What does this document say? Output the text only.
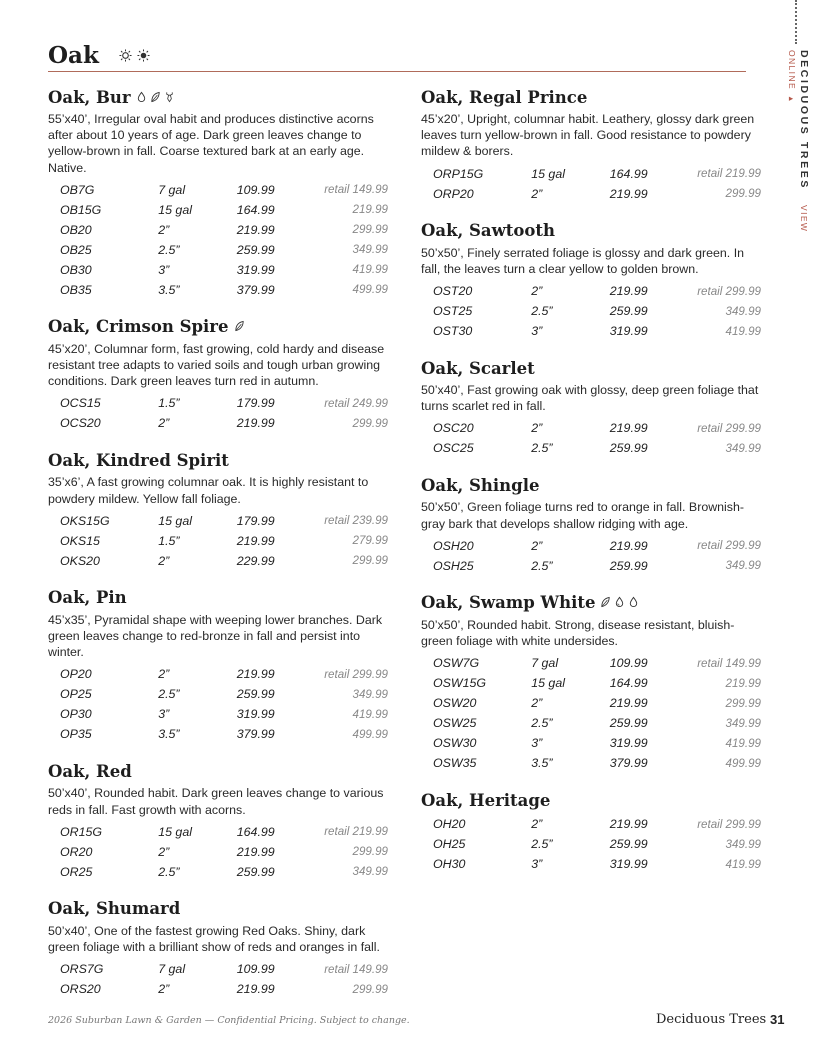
Oak
Oak, Bur
55’x40’, Irregular oval habit and produces distinctive acorns after about 10 years of age. Dark green leaves change to yellow-brown in fall. Coarse textured bark at an early age. Native.
OB7G	7 gal	109.99	retail 149.99
OB15G	15 gal	164.99	219.99
OB20	2”	219.99	299.99
OB25	2.5”	259.99	349.99
OB30	3”	319.99	419.99
OB35	3.5”	379.99	499.99
Oak, Crimson Spire
45’x20’, Columnar form, fast growing, cold hardy and disease resistant tree adapts to varied soils and tough urban growing conditions. Dark green leaves turn red in autumn.
OCS15	1.5”	179.99	retail 249.99
OCS20	2”	219.99	299.99
Oak, Kindred Spirit
35’x6’, A fast growing columnar oak. It is highly resistant to powdery mildew. Yellow fall foliage.
OKS15G	15 gal	179.99	retail 239.99
OKS15	1.5”	219.99	279.99
OKS20	2”	229.99	299.99
Oak, Pin
45’x35’, Pyramidal shape with weeping lower branches. Dark green leaves change to red-bronze in fall and persist into winter.
OP20	2”	219.99	retail 299.99
OP25	2.5”	259.99	349.99
OP30	3”	319.99	419.99
OP35	3.5”	379.99	499.99
Oak, Red
50’x40’, Rounded habit. Dark green leaves change to various reds in fall. Fast growth with acorns.
OR15G	15 gal	164.99	retail 219.99
OR20	2”	219.99	299.99
OR25	2.5”	259.99	349.99
Oak, Shumard
50’x40’, One of the fastest growing Red Oaks. Shiny, dark green foliage with a brilliant show of reds and oranges in fall.
ORS7G	7 gal	109.99	retail 149.99
ORS20	2”	219.99	299.99
Oak, Regal Prince
45’x20’, Upright, columnar habit. Leathery, glossy dark green leaves turn yellow-brown in fall. Good resistance to powdery mildew & borers.
ORP15G	15 gal	164.99	retail 219.99
ORP20	2”	219.99	299.99
Oak, Sawtooth
50’x50’, Finely serrated foliage is glossy and dark green. In fall, the leaves turn a clear yellow to golden brown.
OST20	2”	219.99	retail 299.99
OST25	2.5”	259.99	349.99
OST30	3”	319.99	419.99
Oak, Scarlet
50’x40’, Fast growing oak with glossy, deep green foliage that turns scarlet red in fall.
OSC20	2”	219.99	retail 299.99
OSC25	2.5”	259.99	349.99
Oak, Shingle
50’x50’, Green foliage turns red to orange in fall. Brownish-gray bark that develops shallow ridging with age.
OSH20	2”	219.99	retail 299.99
OSH25	2.5”	259.99	349.99
Oak, Swamp White
50’x50’, Rounded habit. Strong, disease resistant, bluish-green foliage with white undersides.
OSW7G	7 gal	109.99	retail 149.99
OSW15G	15 gal	164.99	219.99
OSW20	2”	219.99	299.99
OSW25	2.5”	259.99	349.99
OSW30	3”	319.99	419.99
OSW35	3.5”	379.99	499.99
Oak, Heritage
OH20	2”	219.99	retail 299.99
OH25	2.5”	259.99	349.99
OH30	3”	319.99	419.99
DECIDUOUS TREES VIEW ONLINE ▸
2026 Suburban Lawn & Garden — Confidential Pricing. Subject to change.	Deciduous Trees 31
